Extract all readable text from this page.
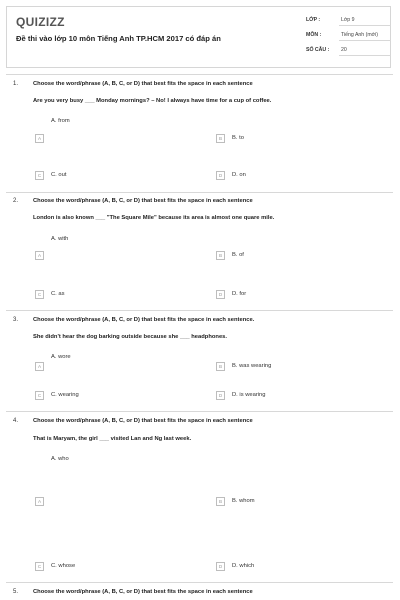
QUIZIZZ
Đề thi vào lớp 10 môn Tiếng Anh TP.HCM 2017 có đáp án
LỚP :	Lớp 9
MÔN :	Tiếng Anh (mới)
SỐ CÂU : 20
1.	Choose the word/phrase (A, B, C, or D) that best fits the space in each sentence
Are you very busy ___ Monday mornings? – No! I always have time for a cup of coffee.
A. from
A	B	B. to
C	C. out	D	D. on
2.	Choose the word/phrase (A, B, C, or D) that best fits the space in each sentence
London is also known ___ "The Square Mile" because its area is almost one quare mile.
A. with
A	B	B. of
C	C. as	D	D. for
3.	Choose the word/phrase (A, B, C, or D) that best fits the space in each sentence.
She didn't hear the dog barking outside because she ___ headphones.
A. wore
A	B	B. was wearing
C	C. wearing	D	D. is wearing
4.	Choose the word/phrase (A, B, C, or D) that best fits the space in each sentence
That is Maryam, the girl ___ visited Lan and Ng last week.
A. who
A	B	B. whom
C	C. whose	D	D. which
5.	Choose the word/phrase (A, B, C, or D) that best fits the space in each sentence
